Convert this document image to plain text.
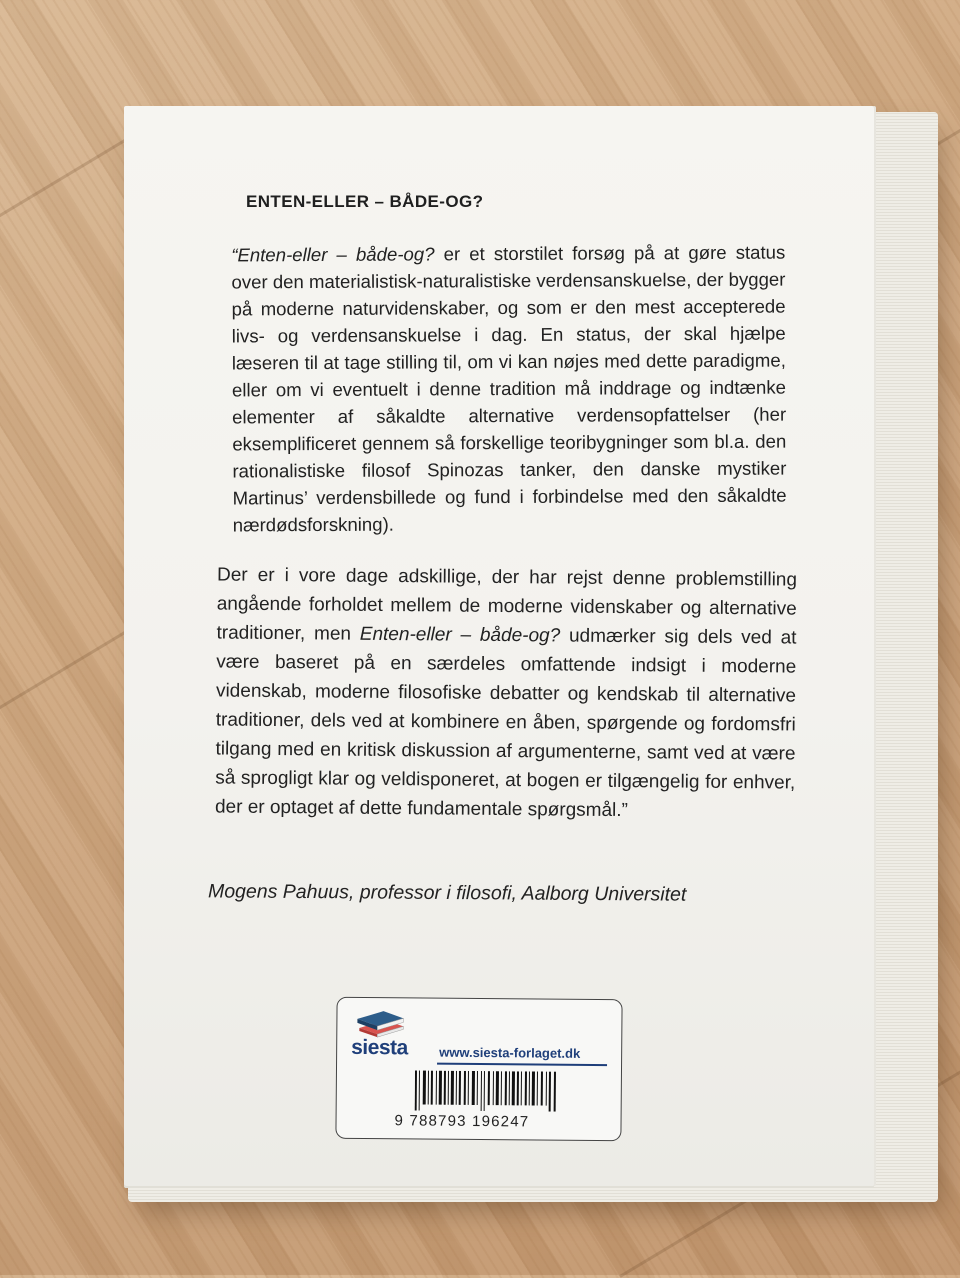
ENTEN-ELLER – BÅDE-OG?
“Enten-eller – både-og? er et storstilet forsøg på at gøre status over den materialistisk-naturalistiske verdensanskuelse, der bygger på moderne naturvidenskaber, og som er den mest accepterede livs- og verdensanskuelse i dag. En status, der skal hjælpe læseren til at tage stilling til, om vi kan nøjes med dette paradigme, eller om vi eventuelt i denne tradition må inddrage og indtænke elementer af såkaldte alternative verdensopfattelser (her eksemplificeret gennem så forskellige teoribygninger som bl.a. den rationalistiske filosof Spinozas tanker, den danske mystiker Martinus’ verdensbillede og fund i forbindelse med den såkaldte nærdødsforskning).
Der er i vore dage adskillige, der har rejst denne problemstilling angående forholdet mellem de moderne videnskaber og alternative traditioner, men Enten-eller – både-og? udmærker sig dels ved at være baseret på en særdeles omfattende indsigt i moderne videnskab, moderne filosofiske debatter og kendskab til alternative traditioner, dels ved at kombinere en åben, spørgende og fordomsfri tilgang med en kritisk diskussion af argumenterne, samt ved at være så sprogligt klar og veldisponeret, at bogen er tilgængelig for enhver, der er optaget af dette fundamentale spørgsmål.”
Mogens Pahuus, professor i filosofi, Aalborg Universitet
siesta www.siesta-forlaget.dk
9 788793 196247
